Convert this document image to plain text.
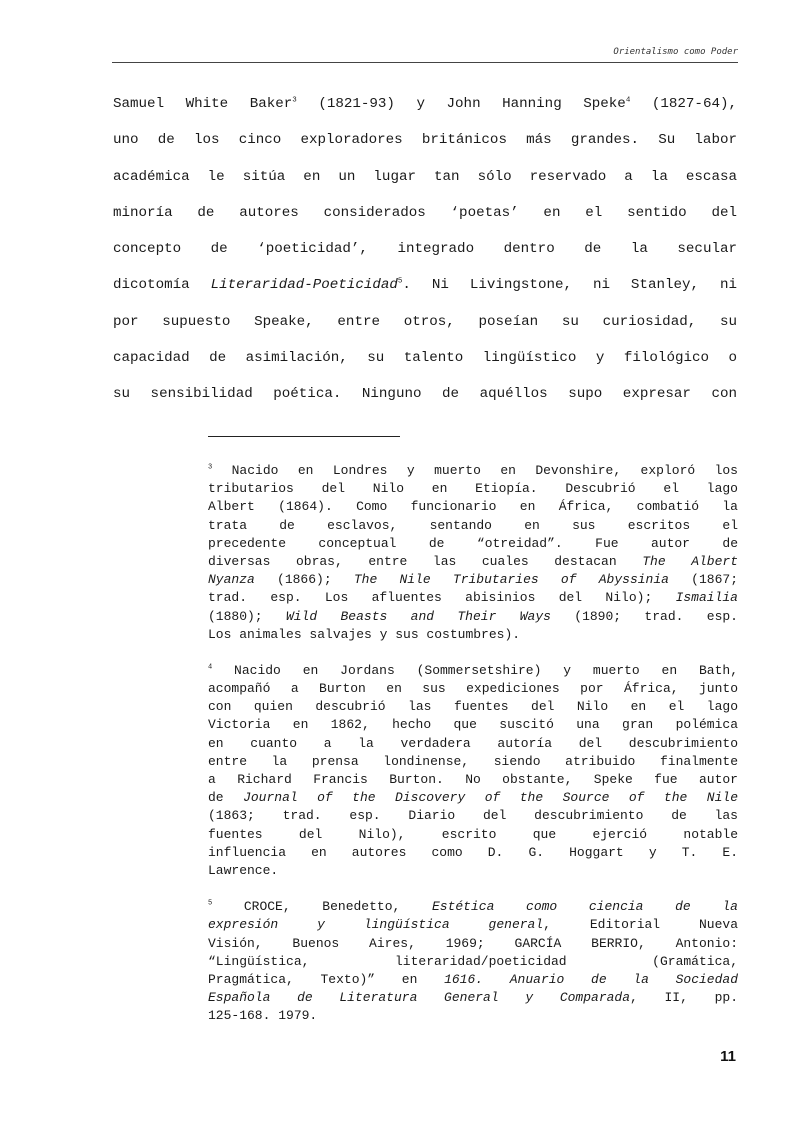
Orientalismo como Poder
Samuel White Baker$^3$ (1821-93) y John Hanning Speke$^4$ (1827-64),
uno de los cinco exploradores británicos más grandes. Su labor
académica le sitúa en un lugar tan sólo reservado a la escasa
minoría de autores considerados ‘poetas’ en el sentido del
concepto de ‘poeticidad’, integrado dentro de la secular
dicotomía Literaridad-Poeticidad$^5$. Ni Livingstone, ni Stanley, ni
por supuesto Speake, entre otros, poseían su curiosidad, su
capacidad de asimilación, su talento lingüístico y filológico o
su sensibilidad poética. Ninguno de aquéllos supo expresar con
$^3$ Nacido en Londres y muerto en Devonshire, exploró los
tributarios del Nilo en Etiopía. Descubrió el lago
Albert (1864). Como funcionario en África, combatió la
trata de esclavos, sentando en sus escritos el
precedente conceptual de “otreidad”. Fue autor de
diversas obras, entre las cuales destacan The Albert
Nyanza (1866); The Nile Tributaries of Abyssinia (1867;
trad. esp. Los afluentes abisinios del Nilo); Ismailia
(1880); Wild Beasts and Their Ways (1890; trad. esp.
Los animales salvajes y sus costumbres).
$^4$ Nacido en Jordans (Sommersetshire) y muerto en Bath,
acompañó a Burton en sus expediciones por África, junto
con quien descubrió las fuentes del Nilo en el lago
Victoria en 1862, hecho que suscitó una gran polémica
en cuanto a la verdadera autoría del descubrimiento
entre la prensa londinense, siendo atribuido finalmente
a Richard Francis Burton. No obstante, Speke fue autor
de Journal of the Discovery of the Source of the Nile
(1863; trad. esp. Diario del descubrimiento de las
fuentes del Nilo), escrito que ejerció notable
influencia en autores como D. G. Hoggart y T. E.
Lawrence.
$^5$ CROCE, Benedetto, Estética como ciencia de la
expresión y lingüística general, Editorial Nueva
Visión, Buenos Aires, 1969; GARCÍA BERRIO, Antonio:
“Lingüística, literaridad/poeticidad (Gramática,
Pragmática, Texto)” en 1616. Anuario de la Sociedad
Española de Literatura General y Comparada, II, pp.
125-168. 1979.
11
